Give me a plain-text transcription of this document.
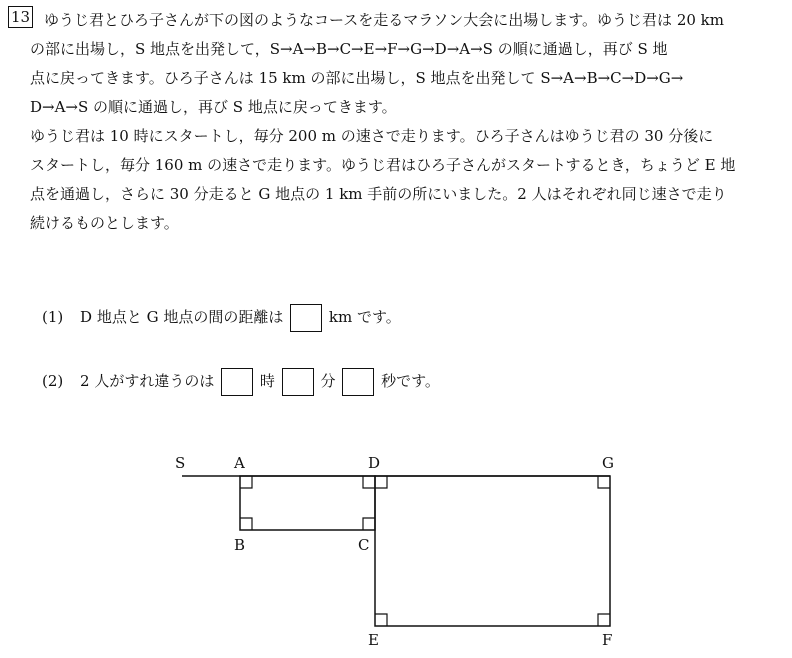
13 ゆうじ君とひろ子さんが下の図のようなコースを走るマラソン大会に出場します。ゆうじ君は 20 km
の部に出場し，S 地点を出発して，S→A→B→C→E→F→G→D→A→S の順に通過し，再び S 地
点に戻ってきます。ひろ子さんは 15 km の部に出場し，S 地点を出発して S→A→B→C→D→G→
D→A→S の順に通過し，再び S 地点に戻ってきます。
ゆうじ君は 10 時にスタートし，毎分 200 m の速さで走ります。ひろ子さんはゆうじ君の 30 分後に
スタートし，毎分 160 m の速さで走ります。ゆうじ君はひろ子さんがスタートするとき，ちょうど E 地
点を通過し，さらに 30 分走ると G 地点の 1 km 手前の所にいました。2 人はそれぞれ同じ速さで走り
続けるものとします。
(1) D 地点と G 地点の間の距離は	km です。
(2) 2 人がすれ違うのは	時	分	秒です。
S	A	D	G
B	C
E	F
